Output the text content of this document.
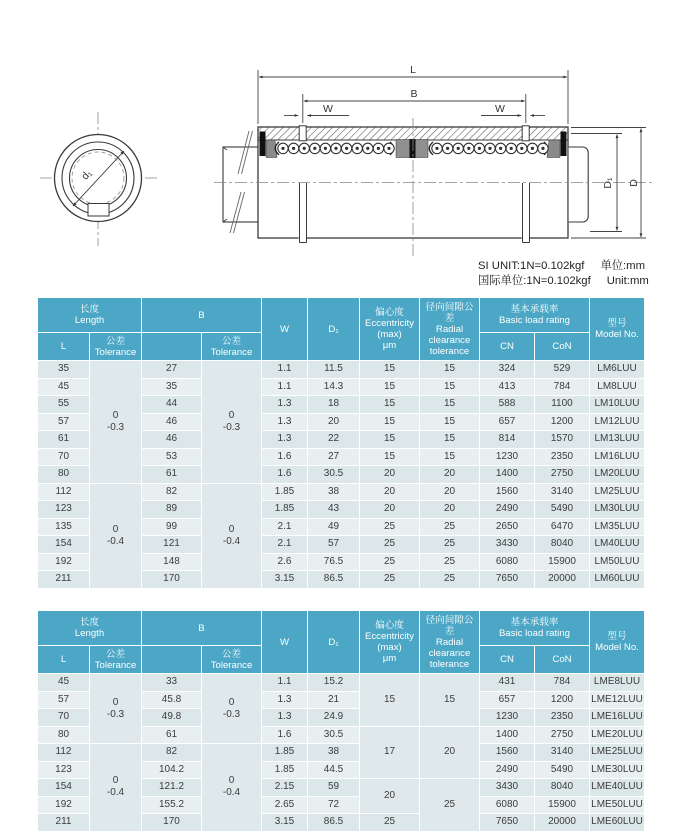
d₁
L
B
W	W
D₁ D
SI UNIT:1N=0.102kgf 单位:mm
国际单位:1N=0.102kgf Unit:mm
长度
Length		B		W	D₁	偏心度
Eccentricity
(max)
μm	径向间隙公差
Radial
clearance
tolerance	基本承载率
Basic load rating		型号
Model No.
L	公差
Tolerance		公差
Tolerance					CN	CoN	
35	0
-0.3	27	0
-0.3	1.1	11.5	15	15	324	529	LM6LUU
45		35		1.1	14.3	15	15	413	784	LM8LUU
55		44		1.3	18	15	15	588	1100	LM10LUU
57		46		1.3	20	15	15	657	1200	LM12LUU
61		46		1.3	22	15	15	814	1570	LM13LUU
70		53		1.6	27	15	15	1230	2350	LM16LUU
80		61		1.6	30.5	20	20	1400	2750	LM20LUU
112	0
-0.4	82	0
-0.4	1.85	38	20	20	1560	3140	LM25LUU
123		89		1.85	43	20	20	2490	5490	LM30LUU
135		99		2.1	49	25	25	2650	6470	LM35LUU
154		121		2.1	57	25	25	3430	8040	LM40LUU
192		148		2.6	76.5	25	25	6080	15900	LM50LUU
211		170		3.15	86.5	25	25	7650	20000	LM60LUU
长度
Length		B		W	D₁	偏心度
Eccentricity
(max)
μm	径向间隙公差
Radial
clearance
tolerance	基本承载率
Basic load rating		型号
Model No.
L	公差
Tolerance		公差
Tolerance					CN	CoN	
45	0
-0.3	33	0
-0.3	1.1	15.2	15	15	431	784	LME8LUU
57		45.8		1.3	21			657	1200	LME12LUU
70		49.8		1.3	24.9			1230	2350	LME16LUU
80		61		1.6	30.5	17	20	1400	2750	LME20LUU
112	0
-0.4	82	0
-0.4	1.85	38			1560	3140	LME25LUU
123		104.2		1.85	44.5			2490	5490	LME30LUU
154		121.2		2.15	59	20	25	3430	8040	LME40LUU
192		155.2		2.65	72			6080	15900	LME50LUU
211		170		3.15	86.5	25		7650	20000	LME60LUU
